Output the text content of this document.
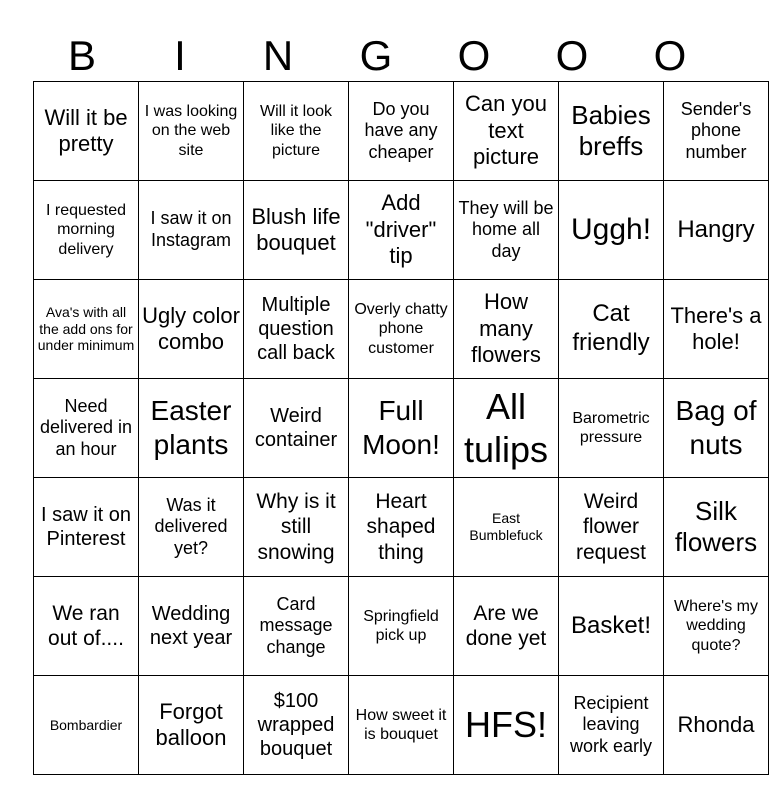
B	I	N	G	O	O	O
Will it be pretty	I was looking on the web site	Will it look like the picture	Do you have any cheaper	Can you text picture	Babies breffs	Sender's phone number
I requested morning delivery	I saw it on Instagram	Blush life bouquet	Add "driver" tip	They will be home all day	Uggh!	Hangry
Ava's with all the add ons for under minimum	Ugly color combo	Multiple question call back	Overly chatty phone customer	How many flowers	Cat friendly	There's a hole!
Need delivered in an hour	Easter plants	Weird container	Full Moon!	All tulips	Barometric pressure	Bag of nuts
I saw it on Pinterest	Was it delivered yet?	Why is it still snowing	Heart shaped thing	East Bumblefuck	Weird flower request	Silk flowers
We ran out of....	Wedding next year	Card message change	Springfield pick up	Are we done yet	Basket!	Where's my wedding quote?
Bombardier	Forgot balloon	$100 wrapped bouquet	How sweet it is bouquet	HFS!	Recipient leaving work early	Rhonda
